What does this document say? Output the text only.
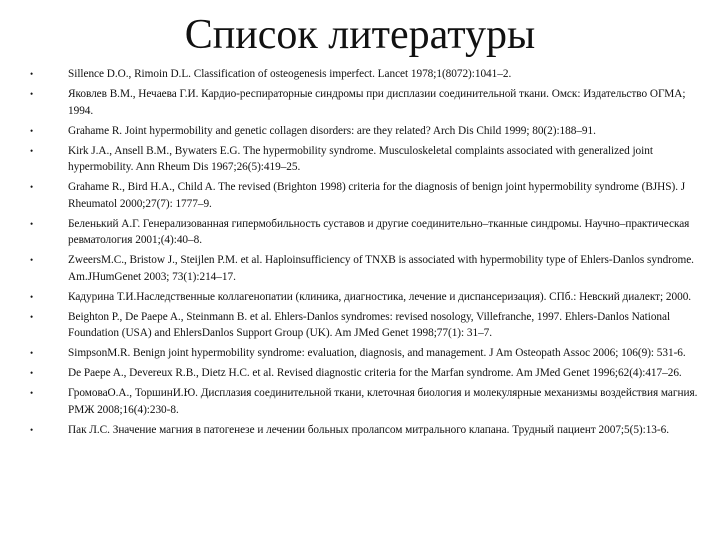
Список литературы
•	Sillence D.O., Rimoin D.L. Classification of osteogenesis imperfect. Lancet 1978;1(8072):1041–2.
•	Яковлев В.М., Нечаева Г.И. Кардио-респираторные синдромы при дисплазии соединительной ткани. Омск: Издательство ОГМА; 1994.
•	Grahame R. Joint hypermobility and genetic collagen disorders: are they related? Arch Dis Child 1999; 80(2):188–91.
•	Kirk J.A., Ansell B.M., Bywaters E.G. The hypermobility syndrome. Musculoskeletal complaints associated with generalized joint hypermobility. Ann Rheum Dis 1967;26(5):419–25.
•	Grahame R., Bird H.A., Child A. The revised (Brighton 1998) criteria for the diagnosis of benign joint hypermobility syndrome (BJHS). J Rheumatol 2000;27(7): 1777–9.
•	Беленький А.Г. Генерализованная гипермобильность суставов и другие соединительно–тканные синдромы. Научно–практическая ревматология 2001;(4):40–8.
•	ZweersM.C., Bristow J., Steijlen P.M. et al. Haploinsufficiency of TNXB is associated with hypermobility type of Ehlers-Danlos syndrome. Am.JHumGenet 2003; 73(1):214–17.
•	Кадурина Т.И.Наследственные коллагенопатии (клиника, диагностика, лечение и диспансеризация). СПб.: Невский диалект; 2000.
•	Beighton P., De Paepe A., Steinmann B. et al. Ehlers-Danlos syndromes: revised nosology, Villefranche, 1997. Ehlers-Danlos National Foundation (USA) and EhlersDanlos Support Group (UK). Am JMed Genet 1998;77(1): 31–7.
•	SimpsonM.R. Benign joint hypermobility syndrome: evaluation, diagnosis, and management. J Am Osteopath Assoc 2006; 106(9): 531-6.
•	De Paepe A., Devereux R.B., Dietz H.C. et al. Revised diagnostic criteria for the Marfan syndrome. Am JMed Genet 1996;62(4):417–26.
•	ГромоваО.А., ТоршинИ.Ю. Дисплазия соединительной ткани, клеточная биология и молекулярные механизмы воздействия магния. РМЖ 2008;16(4):230-8.
•	Пак Л.С. Значение магния в патогенезе и лечении больных пролапсом митрального клапана. Трудный пациент 2007;5(5):13-6.
